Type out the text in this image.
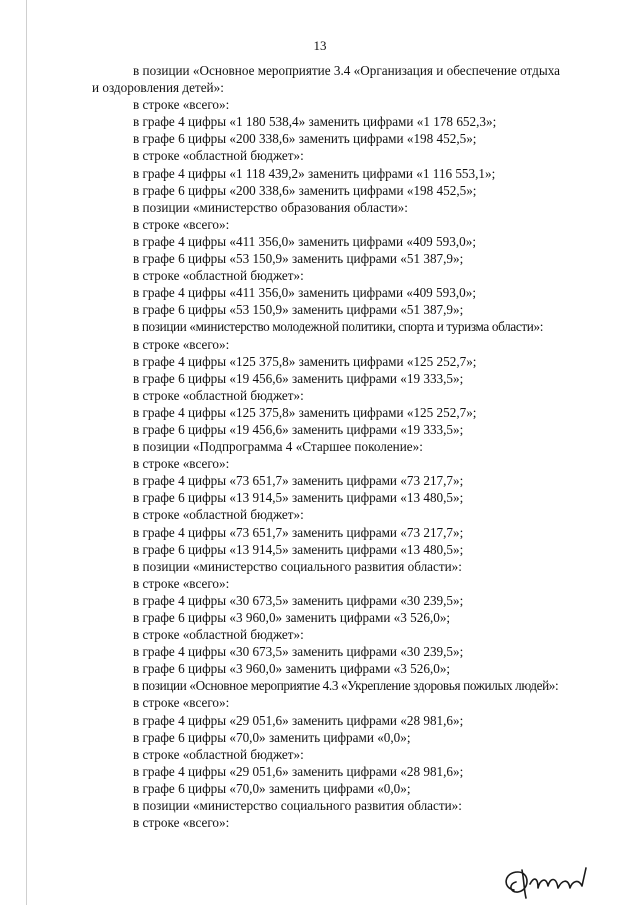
13
в позиции «Основное мероприятие 3.4 «Организация и обеспечение отдыха
и оздоровления детей»:
в строке «всего»:
в графе 4 цифры «1 180 538,4» заменить цифрами «1 178 652,3»;
в графе 6 цифры «200 338,6» заменить цифрами «198 452,5»;
в строке «областной бюджет»:
в графе 4 цифры «1 118 439,2» заменить цифрами «1 116 553,1»;
в графе 6 цифры «200 338,6» заменить цифрами «198 452,5»;
в позиции «министерство образования области»:
в строке «всего»:
в графе 4 цифры «411 356,0» заменить цифрами «409 593,0»;
в графе 6 цифры «53 150,9» заменить цифрами «51 387,9»;
в строке «областной бюджет»:
в графе 4 цифры «411 356,0» заменить цифрами «409 593,0»;
в графе 6 цифры «53 150,9» заменить цифрами «51 387,9»;
в позиции «министерство молодежной политики, спорта и туризма области»:
в строке «всего»:
в графе 4 цифры «125 375,8» заменить цифрами «125 252,7»;
в графе 6 цифры «19 456,6» заменить цифрами «19 333,5»;
в строке «областной бюджет»:
в графе 4 цифры «125 375,8» заменить цифрами «125 252,7»;
в графе 6 цифры «19 456,6» заменить цифрами «19 333,5»;
в позиции «Подпрограмма 4 «Старшее поколение»:
в строке «всего»:
в графе 4 цифры «73 651,7» заменить цифрами «73 217,7»;
в графе 6 цифры «13 914,5» заменить цифрами «13 480,5»;
в строке «областной бюджет»:
в графе 4 цифры «73 651,7» заменить цифрами «73 217,7»;
в графе 6 цифры «13 914,5» заменить цифрами «13 480,5»;
в позиции «министерство социального развития области»:
в строке «всего»:
в графе 4 цифры «30 673,5» заменить цифрами «30 239,5»;
в графе 6 цифры «3 960,0» заменить цифрами «3 526,0»;
в строке «областной бюджет»:
в графе 4 цифры «30 673,5» заменить цифрами «30 239,5»;
в графе 6 цифры «3 960,0» заменить цифрами «3 526,0»;
в позиции «Основное мероприятие 4.3 «Укрепление здоровья пожилых людей»:
в строке «всего»:
в графе 4 цифры «29 051,6» заменить цифрами «28 981,6»;
в графе 6 цифры «70,0» заменить цифрами «0,0»;
в строке «областной бюджет»:
в графе 4 цифры «29 051,6» заменить цифрами «28 981,6»;
в графе 6 цифры «70,0» заменить цифрами «0,0»;
в позиции «министерство социального развития области»:
в строке «всего»:
